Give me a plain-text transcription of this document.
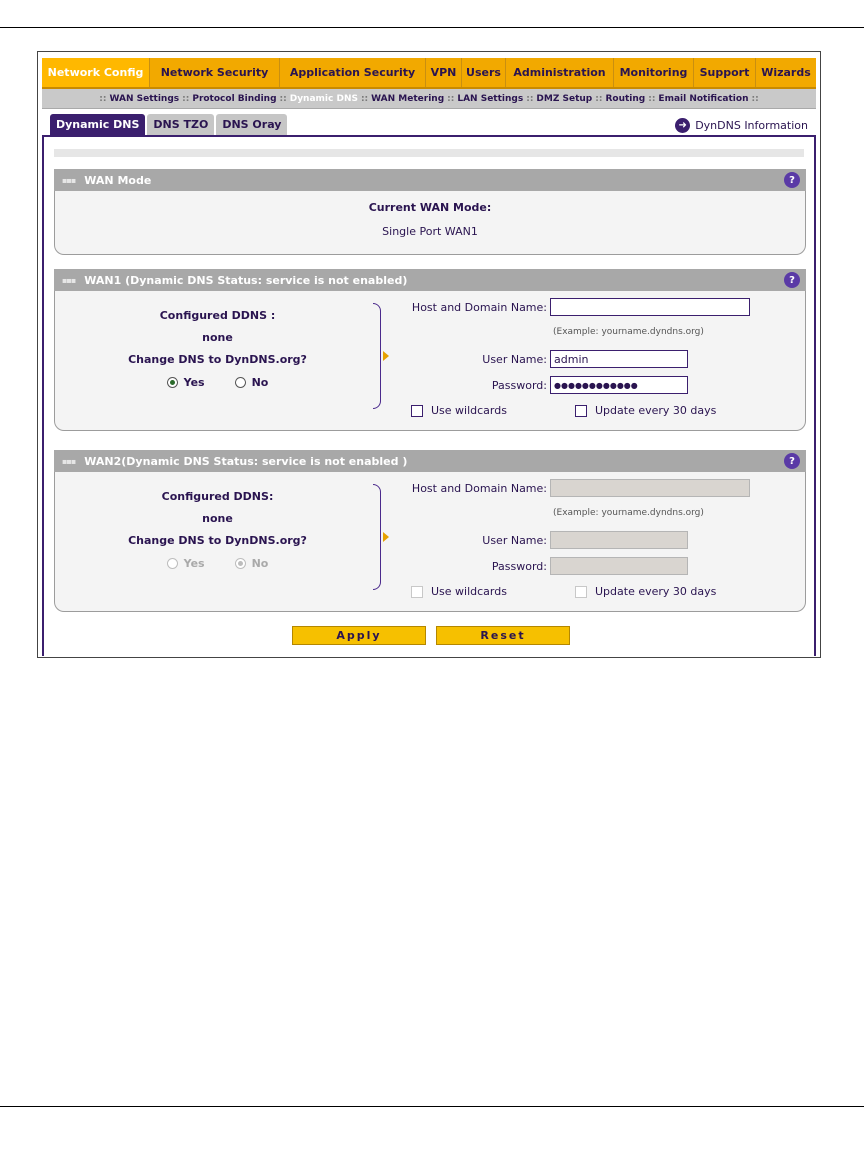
Network Config	Network Security	Application Security	VPN Users	Administration	Monitoring	Support	Wizards
:: WAN Settings :: Protocol Binding :: Dynamic DNS :: WAN Metering :: LAN Settings :: DMZ Setup :: Routing :: Email Notification ::
Dynamic DNS	DNS TZO	DNS Oray	➜ DynDNS Information
▪▪▪ WAN Mode	?
Current WAN Mode:
Single Port WAN1
▪▪▪ WAN1 (Dynamic DNS Status: service is not enabled)	?
Configured DDNS :
none
Change DNS to DynDNS.org?
Yes	No
Host and Domain Name:
(Example: yourname.dyndns.org)
User Name: admin
Password: ●●●●●●●●●●●●
Use wildcards	Update every 30 days
▪▪▪ WAN2(Dynamic DNS Status: service is not enabled )	?
Configured DDNS:
none
Change DNS to DynDNS.org?
Yes	No
Host and Domain Name:
(Example: yourname.dyndns.org)
User Name:
Password:
Use wildcards	Update every 30 days
Apply	Reset
